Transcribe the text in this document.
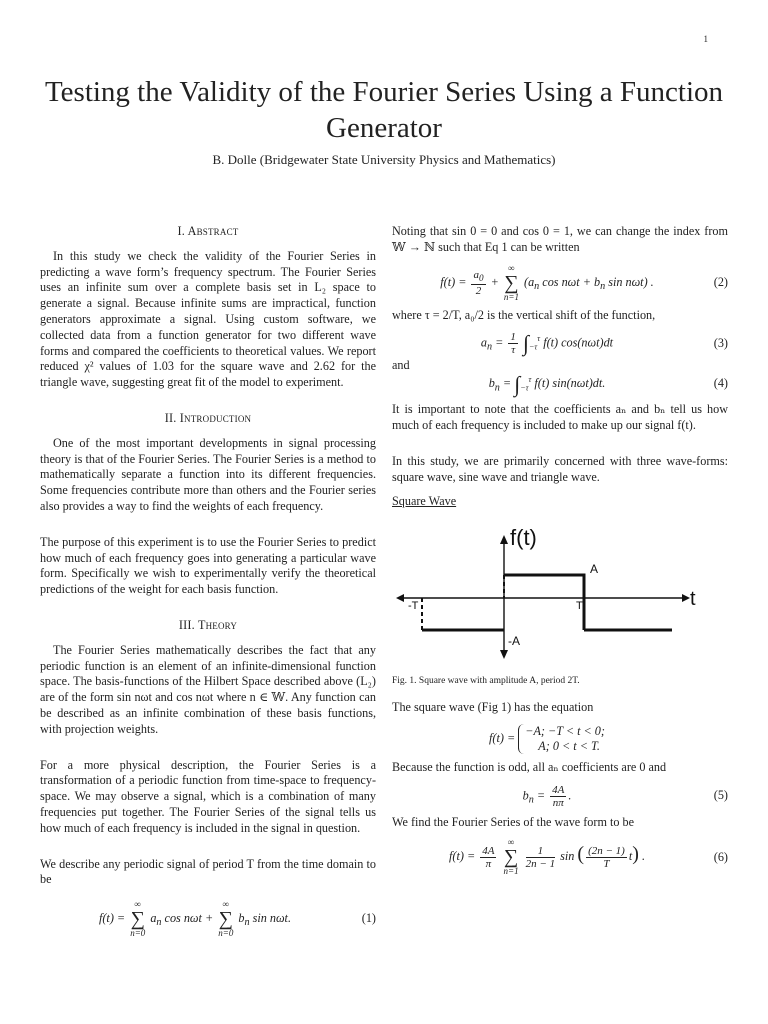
1
Testing the Validity of the Fourier Series Using a Function Generator
B. Dolle (Bridgewater State University Physics and Mathematics)
I. Abstract

In this study we check the validity of the Fourier Series in predicting a wave form’s frequency spectrum. The Fourier Series uses an infinite sum over a complete basis set in L₂ space to generate a signal. Because infinite sums are impractical, function generators approximate a signal. Using custom software, we collected data from a function generator for two different wave forms and compared the coefficients to theoretical values. We report reduced χ² values of 1.03 for the square wave and 2.62 for the triangle wave, suggesting great fit of the model to experiment.

II. Introduction

One of the most important developments in signal processing theory is that of the Fourier Series. The Fourier Series is a method to mathematically separate a function into its different frequencies. Some frequencies contribute more than others and the Fourier series also provides a way to find the weights of each frequency.

The purpose of this experiment is to use the Fourier Series to predict how much of each frequency goes into generating a particular wave form. Specifically we wish to experimentally verify the theoretical predictions of the weight for each basis function.

III. Theory

The Fourier Series mathematically describes the fact that any periodic function is an element of an infinite-dimensional function space. The basis-functions of the Hilbert Space described above (L₂) are of the form sin nωt and cos nωt where n ∈ 𝕎. Any function can be described as an infinite combination of these basis functions, with projection weights.

For a more physical description, the Fourier Series is a transformation of a periodic function from time-space to frequency-space. We may observe a signal, which is a combination of many frequencies put together. The Fourier Series of the signal tells us how much of each frequency is included in the signal in question.

We describe any periodic signal of period T from the time domain to be

f(t) = ∞
∑
n=0 $a_n$ cos nωt + ∞
∑
n=0 $b_n$ sin nωt.	(1)

Noting that sin 0 = 0 and cos 0 = 1, we can change the index from 𝕎 → ℕ such that Eq 1 can be written

$f(t) = \frac{a_0}{2}$ + ∞
∑
n=1 ($a_n$ $\cos n\omega t + b_n$ sin nωt) .	(2)

where τ = 2/T, a₀/2 is the vertical shift of the function,

$a_n = \frac{1}{\tau} \int_{-\tau}^\tau$ f(t) cos(nωt)dt	(3)
and
$b_n = \int_{-\tau}^\tau$ f(t) sin(nωt)dt.	(4)

It is important to note that the coefficients aₙ and bₙ tell us how much of each frequency is included to make up our signal f(t).

In this study, we are primarily concerned with three wave-forms: square wave, sine wave and triangle wave.

Square Wave
f(t)
t
A
-A
-T	T
Fig. 1. Square wave with amplitude A, period 2T.

The square wave (Fig 1) has the equation

f(t) = −A; −T < t < 0;
A; 0 < t < T.

Because the function is odd, all aₙ coefficients are 0 and

$b_n = \frac{4A}{n\pi}$ .	(5)

We find the Fourier Series of the wave form to be

$f(t) = \frac{4A}{\pi}$
∞
∑
n=1
$\frac{1}{2n - 1}$ sin ( $\frac{(2n - 1)}{T} t$) .	(6)
